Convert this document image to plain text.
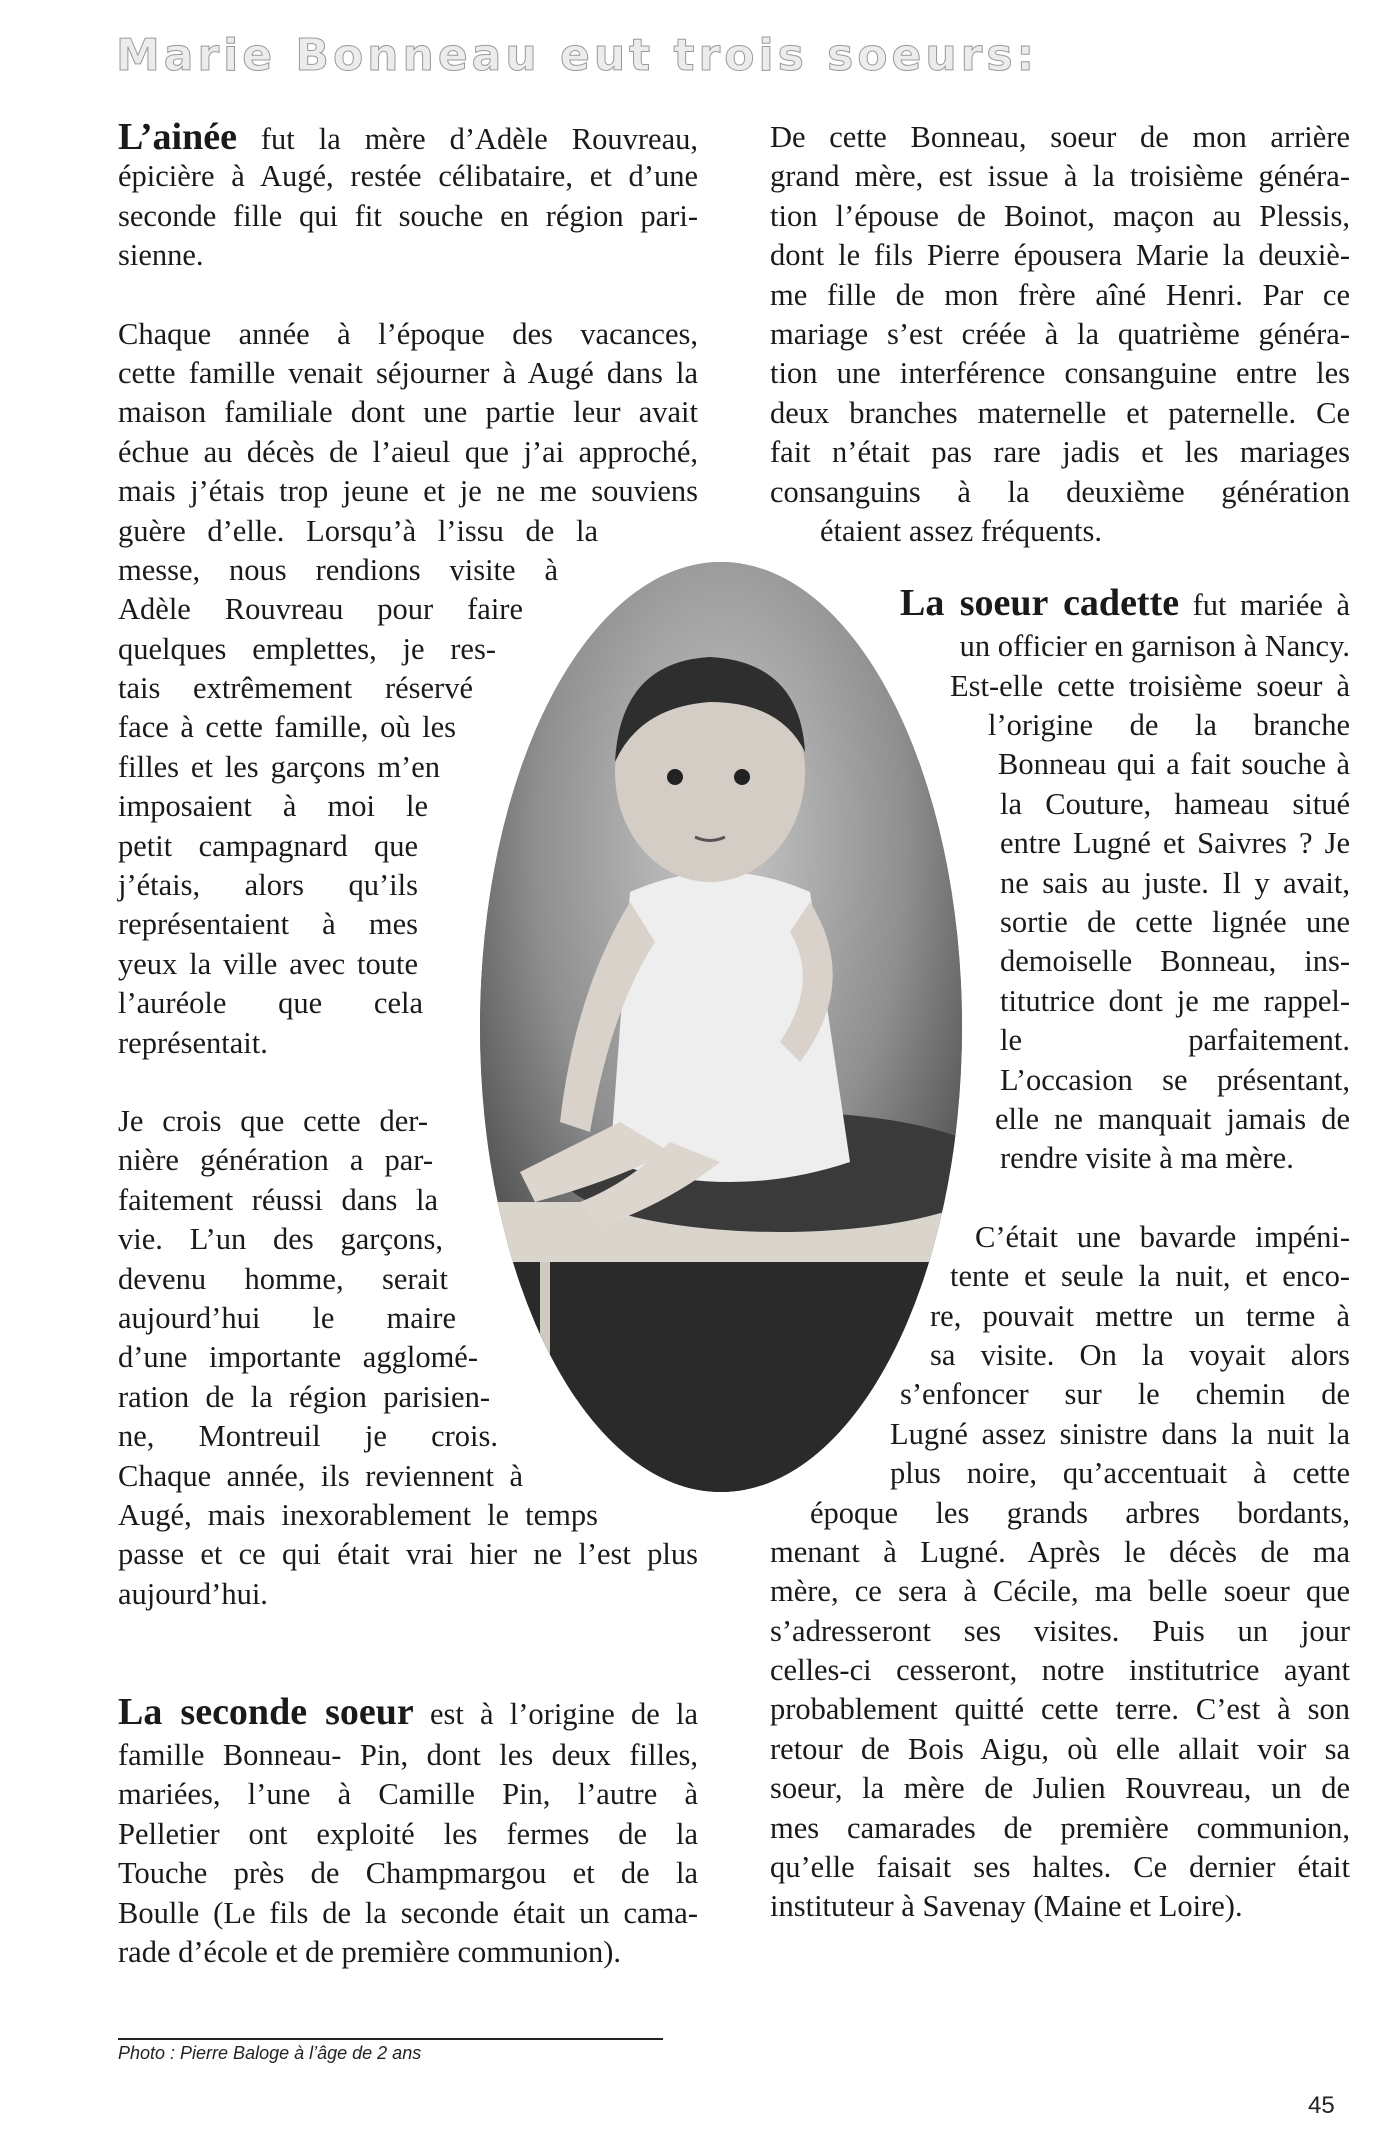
Marie Bonneau eut trois soeurs:
L’ainée fut la mère d’Adèle Rouvreau,
épicière à Augé, restée célibataire, et d’une
seconde fille qui fit souche en région pari-
sienne.
Chaque année à l’époque des vacances,
cette famille venait séjourner à Augé dans la
maison familiale dont une partie leur avait
échue au décès de l’aieul que j’ai approché,
mais j’étais trop jeune et je ne me souviens
guère d’elle. Lorsqu’à l’issu de la
messe, nous rendions visite à
Adèle Rouvreau pour faire
quelques emplettes, je res-
tais extrêmement réservé
face à cette famille, où les
filles et les garçons m’en
imposaient à moi le
petit campagnard que
j’étais, alors qu’ils
représentaient à mes
yeux la ville avec toute
l’auréole que cela
représentait.
Je crois que cette der-
nière génération a par-
faitement réussi dans la
vie. L’un des garçons,
devenu homme, serait
aujourd’hui le maire
d’une importante agglomé-
ration de la région parisien-
ne, Montreuil je crois.
Chaque année, ils reviennent à
Augé, mais inexorablement le temps
passe et ce qui était vrai hier ne l’est plus
aujourd’hui.
La seconde soeur est à l’origine de la
famille Bonneau- Pin, dont les deux filles,
mariées, l’une à Camille Pin, l’autre à
Pelletier ont exploité les fermes de la
Touche près de Champmargou et de la
Boulle (Le fils de la seconde était un cama-
rade d’école et de première communion).
De cette Bonneau, soeur de mon arrière
grand mère, est issue à la troisième généra-
tion l’épouse de Boinot, maçon au Plessis,
dont le fils Pierre épousera Marie la deuxiè-
me fille de mon frère aîné Henri. Par ce
mariage s’est créée à la quatrième généra-
tion une interférence consanguine entre les
deux branches maternelle et paternelle. Ce
fait n’était pas rare jadis et les mariages
consanguins à la deuxième génération
étaient assez fréquents.
La soeur cadette fut mariée à
un officier en garnison à Nancy.
Est-elle cette troisième soeur à
l’origine de la branche
Bonneau qui a fait souche à
la Couture, hameau situé
entre Lugné et Saivres ? Je
ne sais au juste. Il y avait,
sortie de cette lignée une
demoiselle Bonneau, ins-
titutrice dont je me rappel-
le parfaitement.
L’occasion se présentant,
elle ne manquait jamais de
rendre visite à ma mère.
C’était une bavarde impéni-
tente et seule la nuit, et enco-
re, pouvait mettre un terme à
sa visite. On la voyait alors
s’enfoncer sur le chemin de
Lugné assez sinistre dans la nuit la
plus noire, qu’accentuait à cette
époque les grands arbres bordants,
menant à Lugné. Après le décès de ma
mère, ce sera à Cécile, ma belle soeur que
s’adresseront ses visites. Puis un jour
celles-ci cesseront, notre institutrice ayant
probablement quitté cette terre. C’est à son
retour de Bois Aigu, où elle allait voir sa
soeur, la mère de Julien Rouvreau, un de
mes camarades de première communion,
qu’elle faisait ses haltes. Ce dernier était
instituteur à Savenay (Maine et Loire).
Photo : Pierre Baloge à l’âge de 2 ans
45
